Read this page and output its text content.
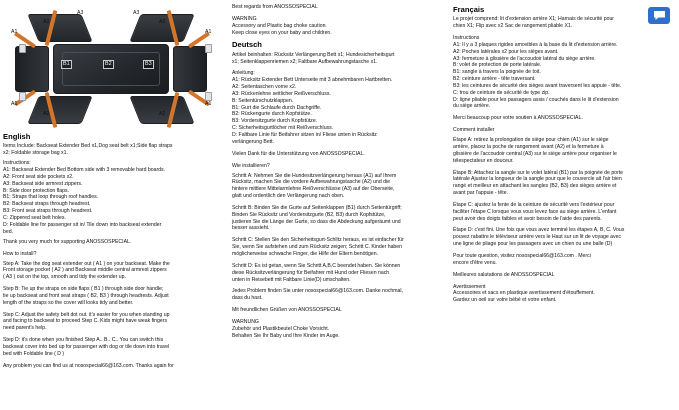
A1
A2
A3
A1
A2
A3
B1	B2	B3
A2
A1
A2
A1
English

Items Include: Backseat Extender Bed x1,Dog seat belt x1;Side flap straps

x2; Foldable storage bag x1.

Instructions:

A1: Backseat Extender Bed Bottom side with 3 removable hard boards.

A2: Front seat side pockets x2.

A3: Backseat side armrest zippers.

B: Side door protection flaps.

B1: Straps that loop through roof handles.

B2: Backseat straps through headrest.

B3: Front seat straps through headrest.

C: Zippered seat belt holes.

D: Foldable line for passenger sit in/ Tile down into backseat extender

bed.

Thank you very much for supporting ANOSSOSPECIAL.

How to install?

Step A: Take the dog seat extender out ( A1 ) on your backseat. Make the

Front storage pocket ( A2 ) and Backseat middle central armrest zippers

( A3 ) out on the top, smooth and tidy the extender up.

Step B: Tie up the straps on side flaps ( B1 ) through side door handle;

tie up backseat and front seat straps ( B2, B3 ) through headrests. Adjust

length of the straps so the cover will looks tidy and better.

Step C: Adjust the safety belt dot out. it's easier for you when standing up

and facing to backseat to proceed Step C. Kids might have weak fingers

need parent's help.

Step D: it's done when you finished Step A.. B.. C.. You can switch this

backseat cover into bed up for passenger with dog or tile down into travel

bed with Foldable line ( D )

Any problem you can find us at nosospecial66@163.com. Thanks again for

Best regards from ANOSSOSPECIAL

WARNING

Accessory and Plastic bag choke caution.

Keep close eyes on your baby and children.

Deutsch

Artikel beinhalten: Rücksitz Verlängerung Bett x1; Hundesicherheitsgurt

x1; Seitenklappenriemen x2; Faltbare Aufbewahrungstasche x1.

Anleitung:

A1: Rücksitz Extender Bett Unterseite mit 3 abnehmbaren Hartbretten.

A2: Seitentaschen vorne x2.

A3: Rückenlehne seitlicher Reißverschluss.

B: Seitentürschutzklappen.

B1: Gurt die Schlaufe durch Dachgriffe.

B2: Rückengurte durch Kopfstütze.

B3: Vordersitzgurte durch Kopfstütze.

C: Sicherheitsgurtlöcher mit Reißverschluss.

D: Faltbare Linie für Beifahrer sitzen in/ Fliese unten in Rücksitz

verlängerung Bett.

Vielen Dank für die Unterstützung von ANOSSOSPECIAL.

Wie installieren?

Schritt A: Nehmen Sie die Hundesitzverlängerung heraus (A1) auf Ihrem

Rücksitz, machen Sie die vordere Aufbewahrungstasche (A2) und die

hintere mittlere Mittelarmlehne Reißverschlüsse (A3) auf der Oberseite,

glatt und ordentlich den Verlängerung nach oben.

Schritt B: Binden Sie die Gurte auf Seitenklappen (B1) durch Seitentürgriff;

Binden Sie Rücksitz und Vordersitzgurte (B2, B3) durch Kopfstütze,

justieren Sie die Länge der Gurte, so dass die Abdeckung aufgeräumt und

besser aussieht.

Schritt C: Stellen Sie den Sicherheitsgurt-Schlitz heraus, es ist einfacher für

Sie, wenn Sie aufstehen und zum Rücksitz zeigen; Schritt C. Kinder haben

möglicherweise schwache Finger, die Hilfe der Eltern benötigen.

Schritt D: Es ist getan, wenn Sie Schritt A,B,C beendet haben. Sie können

diese Rücksitzverlängerung für Beifahrer mit Hund oder Fliesen nach

unten in Reisebett mit Faltbare Linie(D) umschalten.

Jedes Problem finden Sie unter nosospecial66@163.com. Danke nochmal,

dass du hast.

Mit freundlichen Grüßen von ANOSSOSPECIAL

WARNUNG

Zubehör und Plastikbeutel Choke Vorsicht.

Behalten Sie Ihr Baby und Ihre Kinder im Auge.

Français

Le projet comprend: lit d'extension arrière X1; Harnais de sécurité pour

chien X1; Flip avec x2 Sac de rangement pliable X1.

Instructions

A1: Il y a 3 plaques rigides amovibles à la base du lit d'extension arrière.

A2: Poches latérales x2 pour les sièges avant.

A3: fermeture à glissière de l'accoudoir latéral du siège arrière.

B: volet de protection de porte latérale.

B1: sangle à travers la poignée de toit.

B2: ceinture arrière - tête traversant.

B3: les ceintures de sécurité des sièges avant traversent les appuie - tête.

C: trou de ceinture de sécurité de type zip.

D: ligne pliable pour les passagers assis / couchés dans le lit d'extension

du siège arrière.

Merci beaucoup pour votre soutien à ANOSSOSPECIAL.

Comment installer

Étape A: retirez la prolongation de siège pour chien (A1) sur le siège

arrière, placez la poche de rangement avant (A2) et la fermeture à

glissière de l'accoudoir central (A3) sur le siège arrière pour organiser le

télespectateur en douceur.

Étape B: Attachez la sangle sur le volet latéral (B1) par la poignée de porte

latérale Ajustez la longueur de la sangle pour que le couvercle ait l'air bien

rangé et meilleur en attachant les sangles (B2, B3) des sièges arrière et

avant par l'appuie - tête.

Étape C: ajustez la fente de la ceinture de sécurité vers l'extérieur pour

faciliter l'étape C lorsque vous vous levez face au siège arrière. L'enfant

peut avoir des doigts faibles et avoir besoin de l'aide des parents.

Étape D: c'est fini. Une fois que vous avez terminé les étapes A, B, C. Vous

pouvez rabattre le téléviseur arrière vers le Haut sur un lit de voyage avec

une ligne de pliage pour les passagers avec un chien ou une balle (D)

Pour toute question, visitez nosospecial66@163.com . Merci

encore d'être venu.

Meilleures salutations de ANOSSOSPECIAL

Avertissement

Accessoires et sacs en plastique avertissement d'étouffement.

Gardez un oeil sur votre bébé et votre enfant.
